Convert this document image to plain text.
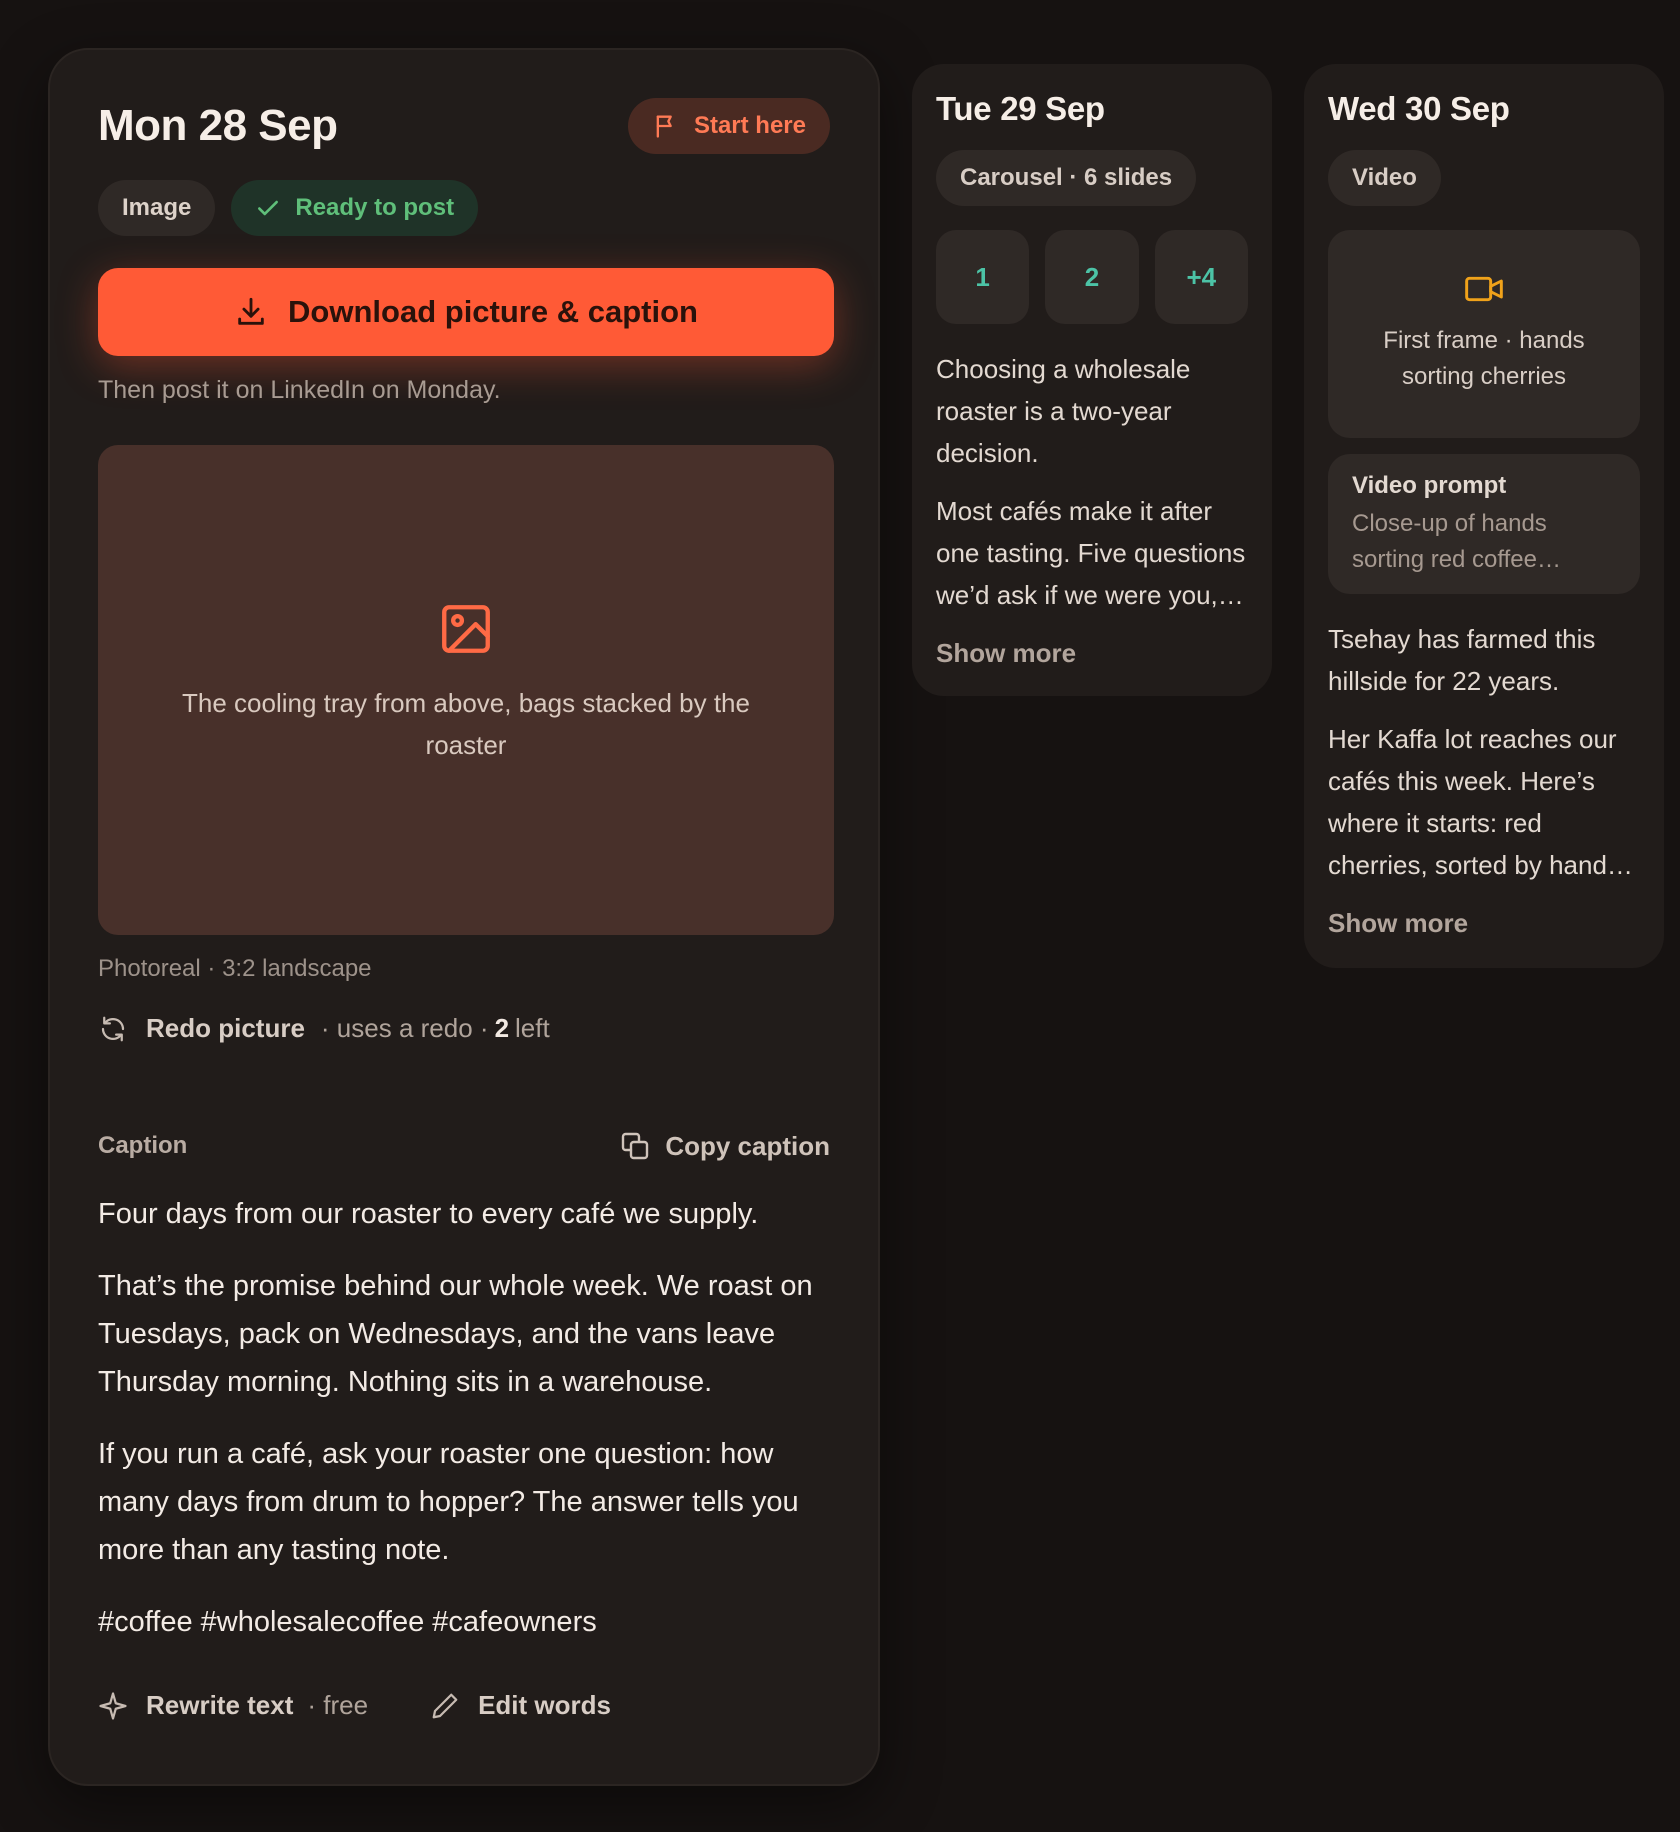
Mon 28 Sep	Start here
Image	Ready to post
Download picture & caption

Then post it on LinkedIn on Monday.

The cooling tray from above, bags stacked by the roaster

Photoreal · 3:2 landscape

Redo picture · uses a redo · 2 left
Caption	Copy caption

Four days from our roaster to every café we supply.

That’s the promise behind our whole week. We roast on Tuesdays, pack on Wednesdays, and the vans leave Thursday morning. Nothing sits in a warehouse.

If you run a café, ask your roaster one question: how many days from drum to hopper? The answer tells you more than any tasting note.

#coffee #wholesalecoffee #cafeowners

Rewrite text · free	Edit words
Tue 29 Sep
Carousel · 6 slides
1	2	+4

Choosing a wholesale roaster is a two-year decision.

Most cafés make it after one tasting. Five questions we’d ask if we were you,…

Show more
Wed 30 Sep
Video

First frame · hands sorting cherries

Video prompt
Close-up of hands sorting red coffee…

Tsehay has farmed this hillside for 22 years.

Her Kaffa lot reaches our cafés this week. Here’s where it starts: red cherries, sorted by hand…

Show more
